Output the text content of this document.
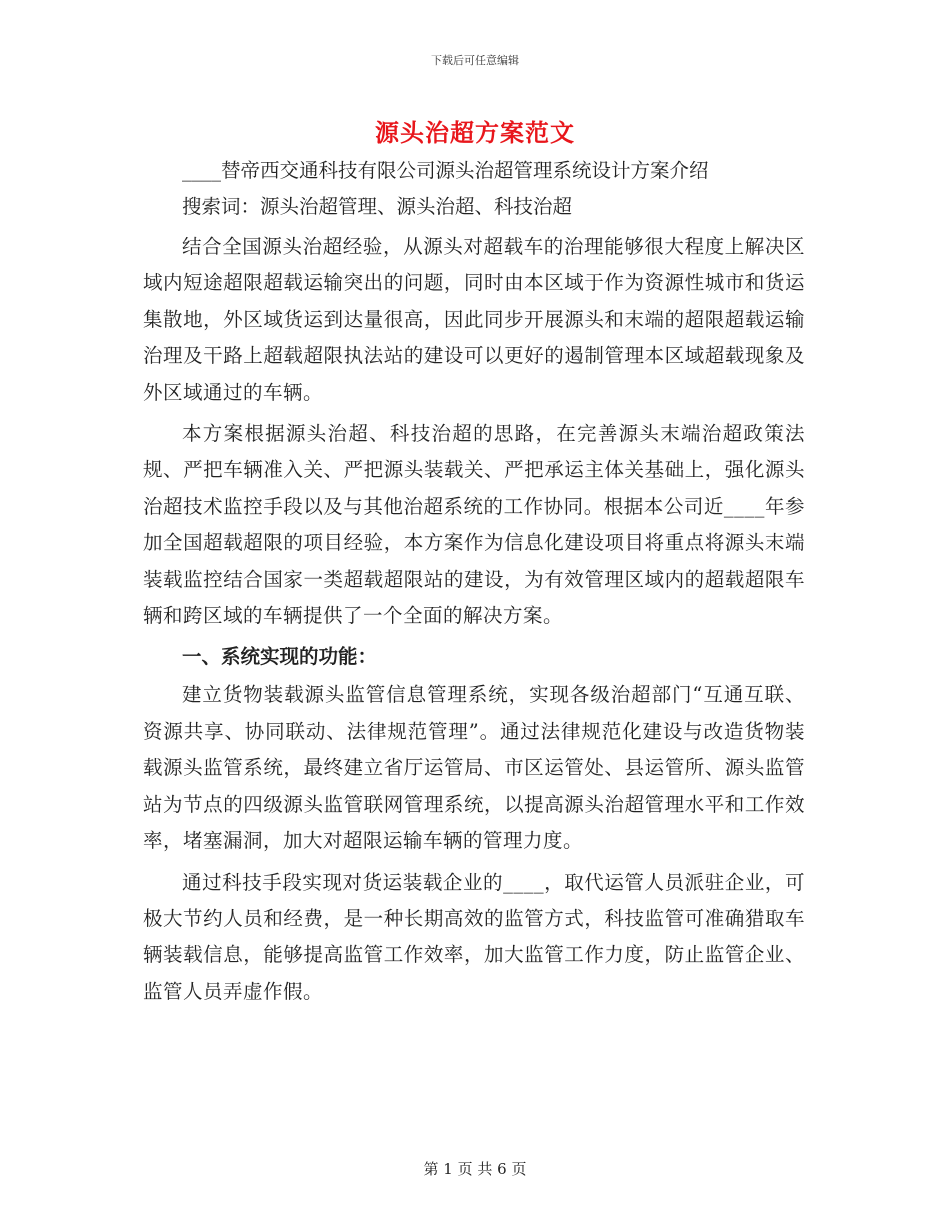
下载后可任意编辑
源头治超方案范文
____替帝西交通科技有限公司源头治超管理系统设计方案介绍
搜索词：源头治超管理、源头治超、科技治超

结合全国源头治超经验，从源头对超载车的治理能够很大程度上解决区域内短途超限超载运输突出的问题，同时由本区域于作为资源性城市和货运集散地，外区域货运到达量很高，因此同步开展源头和末端的超限超载运输治理及干路上超载超限执法站的建设可以更好的遏制管理本区域超载现象及外区域通过的车辆。

本方案根据源头治超、科技治超的思路，在完善源头末端治超政策法规、严把车辆准入关、严把源头装载关、严把承运主体关基础上，强化源头治超技术监控手段以及与其他治超系统的工作协同。根据本公司近____年参加全国超载超限的项目经验，本方案作为信息化建设项目将重点将源头末端装载监控结合国家一类超载超限站的建设，为有效管理区域内的超载超限车辆和跨区域的车辆提供了一个全面的解决方案。

一、系统实现的功能：

建立货物装载源头监管信息管理系统，实现各级治超部门“互通互联、资源共享、协同联动、法律规范管理”。通过法律规范化建设与改造货物装载源头监管系统，最终建立省厅运管局、市区运管处、县运管所、源头监管站为节点的四级源头监管联网管理系统，以提高源头治超管理水平和工作效率，堵塞漏洞，加大对超限运输车辆的管理力度。

通过科技手段实现对货运装载企业的____，取代运管人员派驻企业，可极大节约人员和经费，是一种长期高效的监管方式，科技监管可准确猎取车辆装载信息，能够提高监管工作效率，加大监管工作力度，防止监管企业、监管人员弄虚作假。

第 1 页 共 6 页
